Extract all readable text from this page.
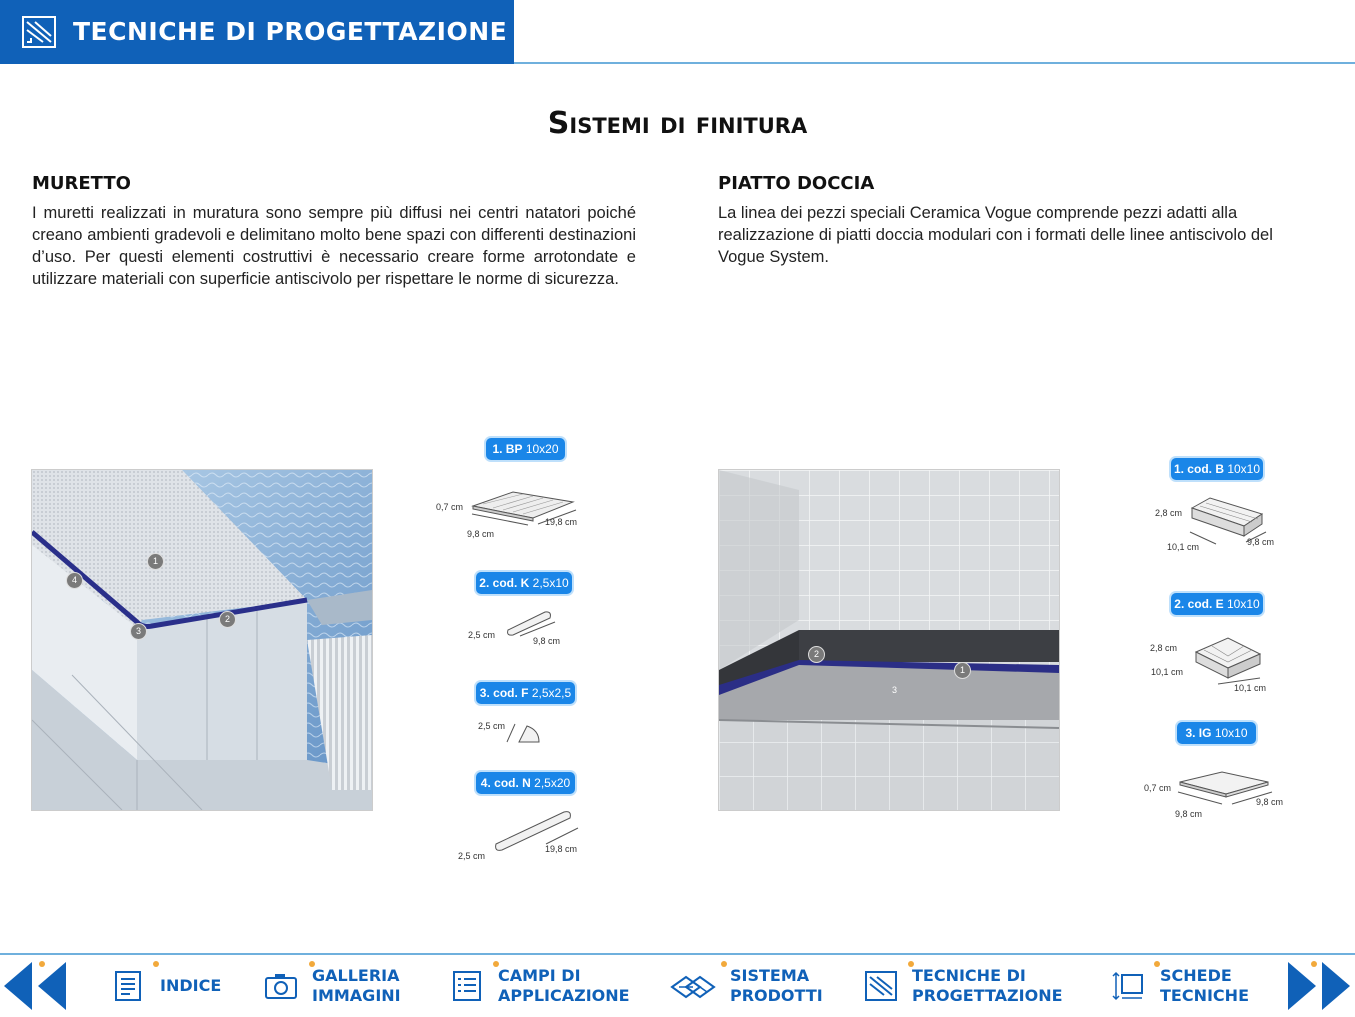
TECNICHE DI PROGETTAZIONE
Sistemi di finitura
MURETTO
I muretti realizzati in muratura sono sempre più diffusi nei centri natatori poiché creano ambienti gradevoli e delimitano molto bene spazi con differenti destinazioni d’uso. Per questi elementi costruttivi è necessario creare forme arrotondate e utilizzare materiali con superficie antiscivolo per rispettare le norme di sicurezza.
1
2
3
4
1. BP 10x20
0,7 cm
9,8 cm
19,8 cm
2. cod. K 2,5x10
2,5 cm
9,8 cm
3. cod. F 2,5x2,5
2,5 cm
4. cod. N 2,5x20
2,5 cm
19,8 cm
PIATTO DOCCIA
La linea dei pezzi speciali Ceramica Vogue comprende pezzi adatti alla realizzazione di piatti doccia modulari con i formati delle linee antiscivolo del Vogue System.
2
1
3
1. cod. B 10x10
2,8 cm
10,1 cm	9,8 cm
2. cod. E 10x10
2,8 cm
10,1 cm
10,1 cm
3. IG 10x10
0,7 cm
9,8 cm
9,8 cm
INDICE
GALLERIA
IMMAGINI
CAMPI DI
APPLICAZIONE
SISTEMA
PRODOTTI
TECNICHE DI
PROGETTAZIONE
SCHEDE
TECNICHE
